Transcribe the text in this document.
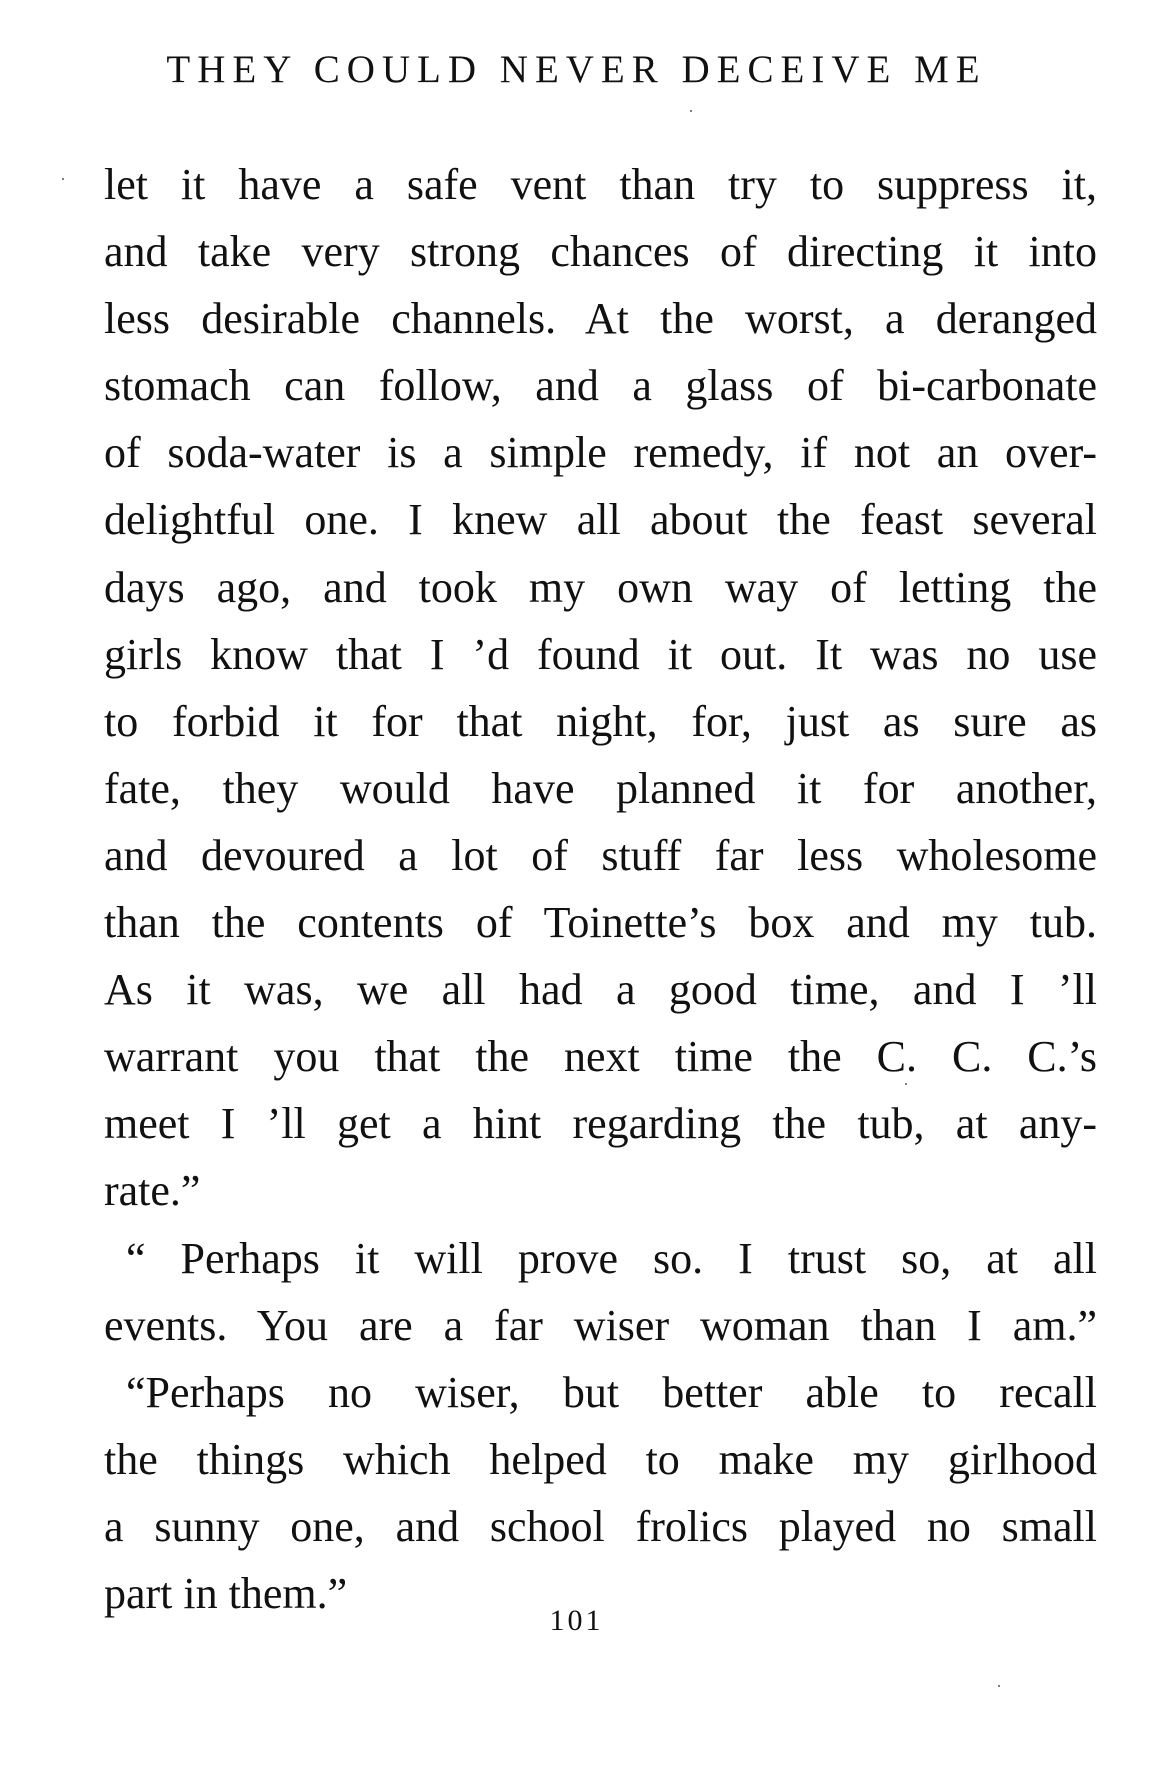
THEY COULD NEVER DECEIVE ME
let it have a safe vent than try to suppress it,
and take very strong chances of directing it into
less desirable channels. At the worst, a deranged
stomach can follow, and a glass of bi-carbonate
of soda-water is a simple remedy, if not an over-
delightful one. I knew all about the feast several
days ago, and took my own way of letting the
girls know that I ’d found it out. It was no use
to forbid it for that night, for, just as sure as
fate, they would have planned it for another,
and devoured a lot of stuff far less wholesome
than the contents of Toinette’s box and my tub.
As it was, we all had a good time, and I ’ll
warrant you that the next time the C. C. C.’s
meet I ’ll get a hint regarding the tub, at any-
rate.”
“ Perhaps it will prove so. I trust so, at all
events. You are a far wiser woman than I am.”
“Perhaps no wiser, but better able to recall
the things which helped to make my girlhood
a sunny one, and school frolics played no small
part in them.”
101
